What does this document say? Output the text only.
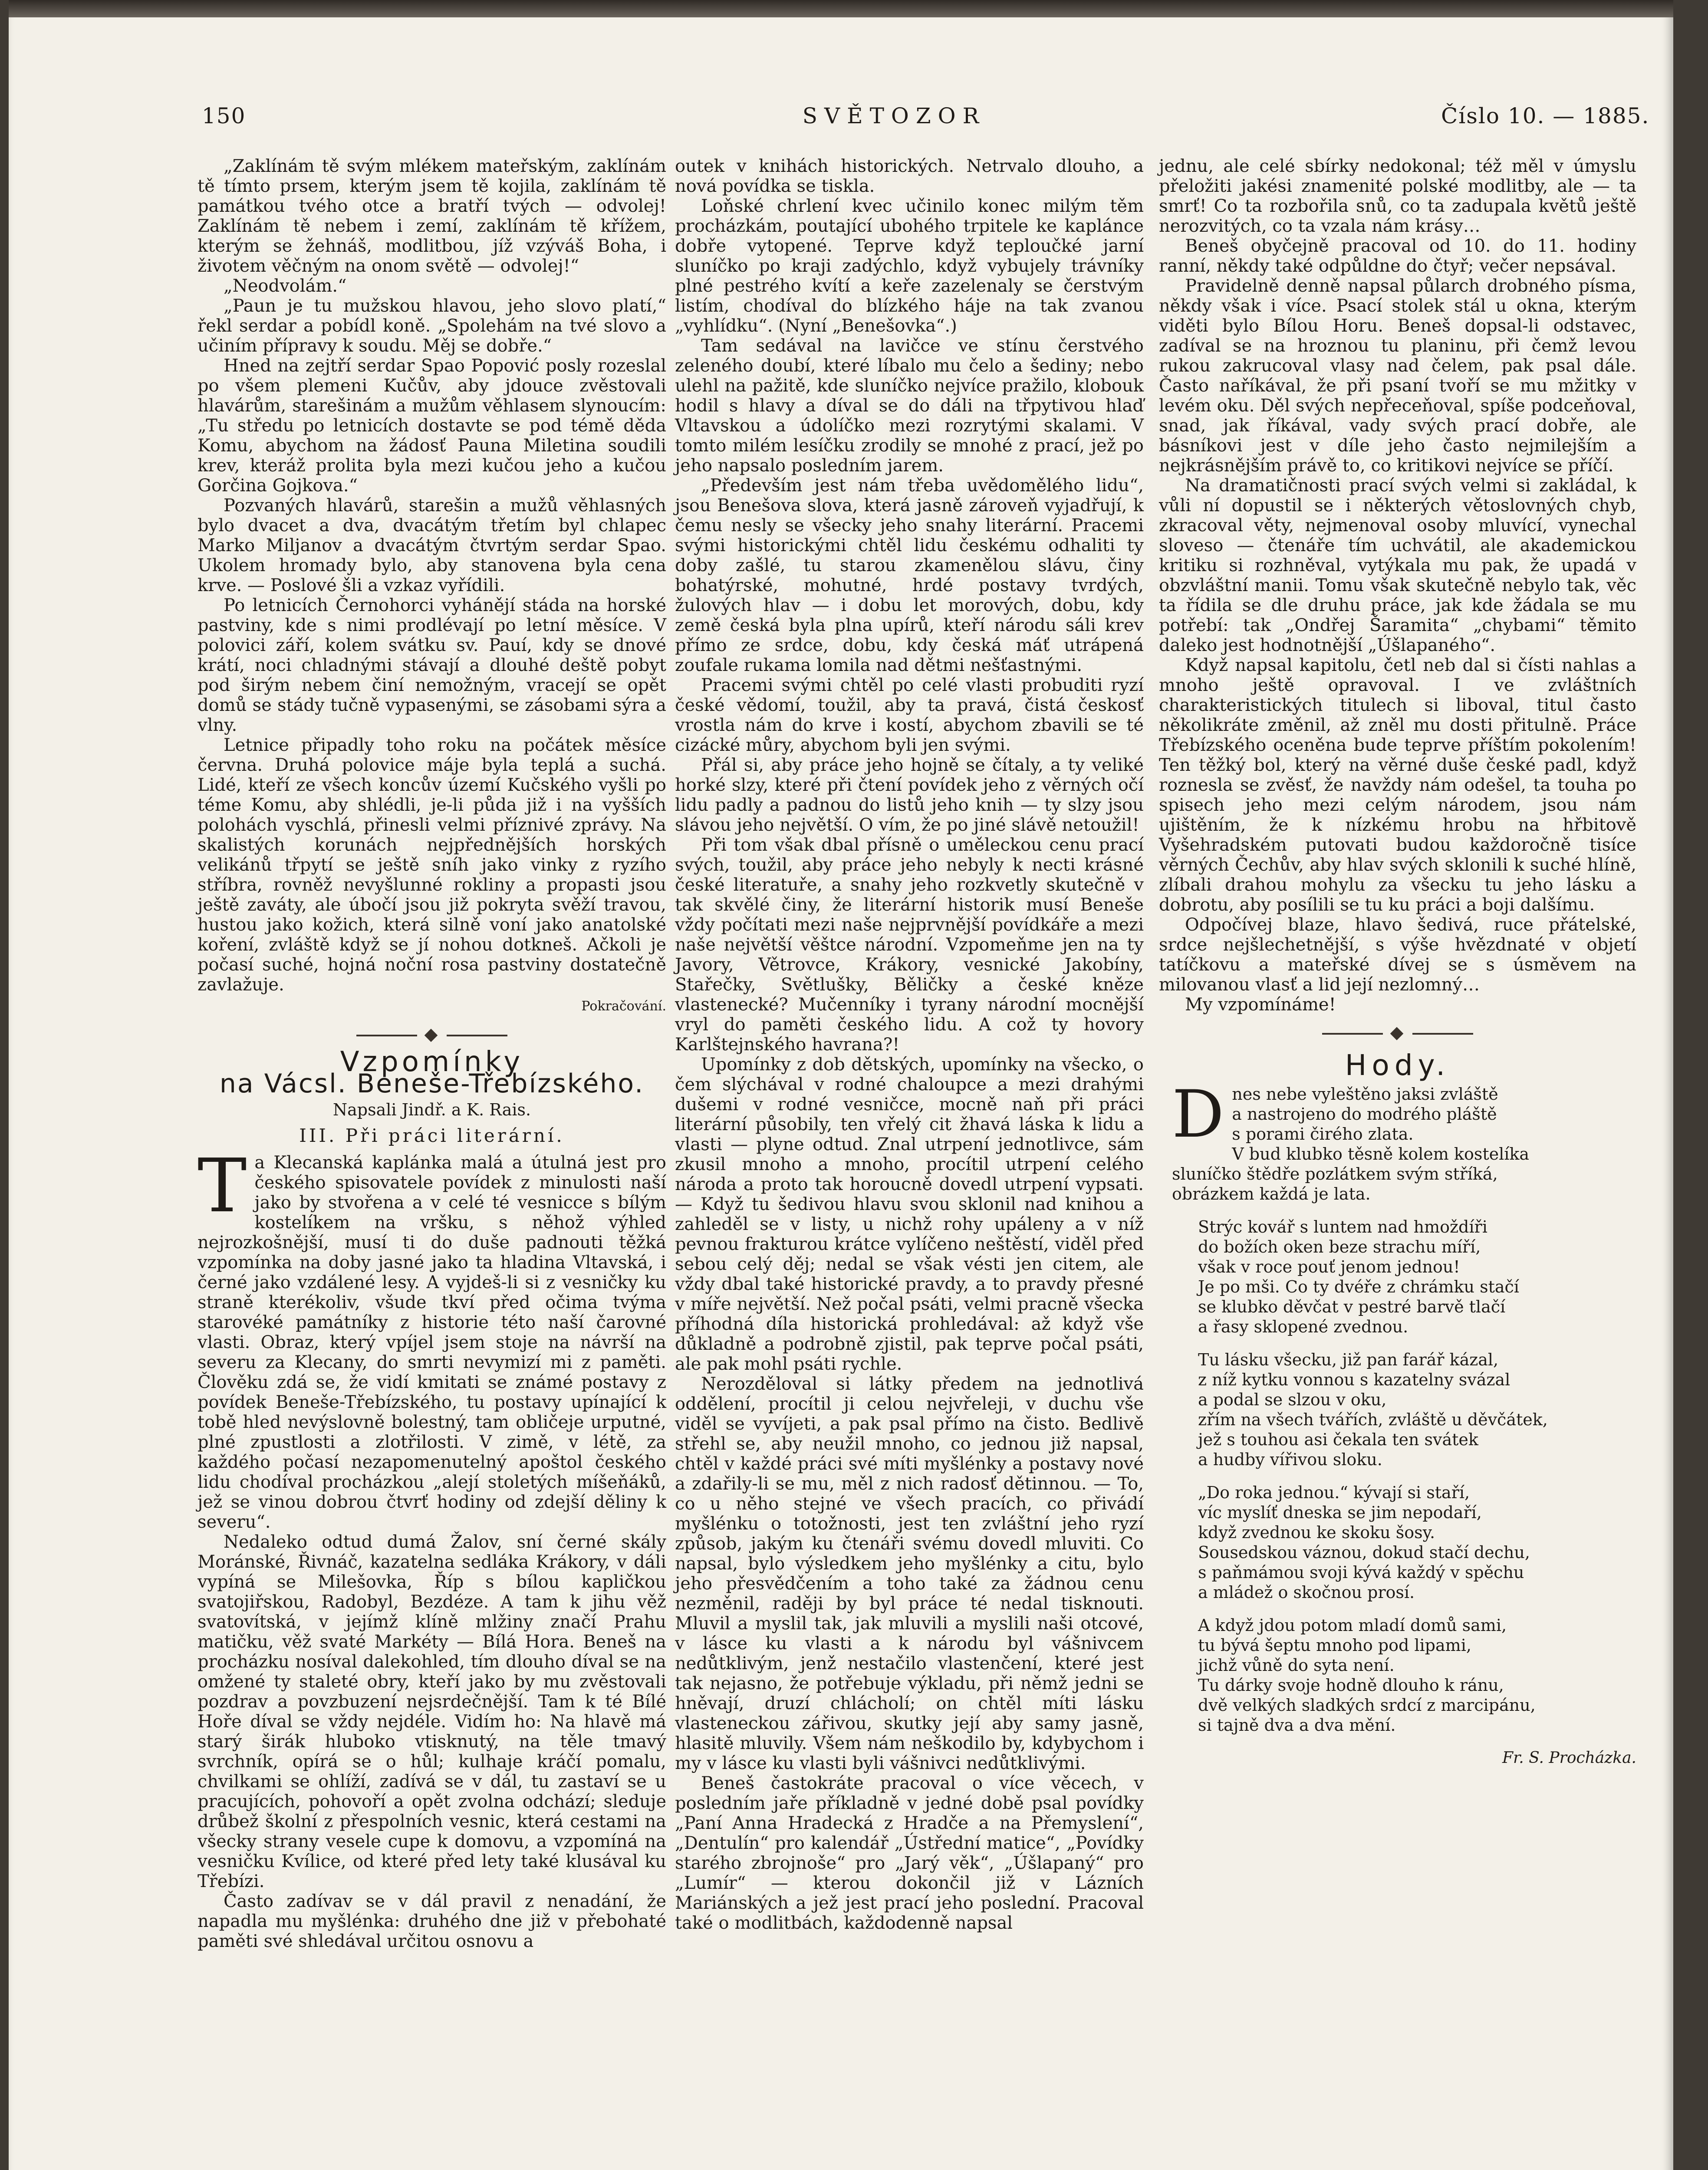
150	SVĚTOZOR	Číslo 10. — 1885.

„Zaklínám tě svým mlékem mateřským, zaklínám tě tímto prsem, kterým jsem tě kojila, zaklínám tě památkou tvého otce a bratří tvých — odvolej! Zaklínám tě nebem i zemí, zaklínám tě křížem, kterým se žehnáš, modlitbou, jíž vzýváš Boha, i životem věčným na onom světě — odvolej!“

„Neodvolám.“

„Paun je tu mužskou hlavou, jeho slovo platí,“ řekl serdar a pobídl koně. „Spolehám na tvé slovo a učiním přípravy k soudu. Měj se dobře.“

Hned na zejtří serdar Spao Popović posly rozeslal po všem plemeni Kučův, aby jdouce zvěstovali hlavárům, starešinám a mužům věhlasem slynoucím: „Tu středu po letnicích dostavte se pod témě děda Komu, abychom na žádosť Pauna Miletina soudili krev, kteráž prolita byla mezi kučou jeho a kučou Gorčina Gojkova.“

Pozvaných hlavárů, starešin a mužů věhlasných bylo dvacet a dva, dvacátým třetím byl chlapec Marko Miljanov a dvacátým čtvrtým serdar Spao. Ukolem hromady bylo, aby stanovena byla cena krve. — Poslové šli a vzkaz vyřídili.

Po letnicích Černohorci vyhánějí stáda na horské pastviny, kde s nimi prodlévají po letní měsíce. V polovici září, kolem svátku sv. Pauí, kdy se dnové krátí, noci chladnými stávají a dlouhé deště pobyt pod širým nebem činí nemožným, vracejí se opět domů se stády tučně vypasenými, se zásobami sýra a vlny.

Letnice připadly toho roku na počátek měsíce června. Druhá polovice máje byla teplá a suchá. Lidé, kteří ze všech koncův území Kučského vyšli po téme Komu, aby shlédli, je-li půda již i na vyšších polohách vyschlá, přinesli velmi příznivé zprávy. Na skalistých korunách nejpřednějších horských velikánů třpytí se ještě sníh jako vinky z ryzího stříbra, rovněž nevyšlunné rokliny a propasti jsou ještě zaváty, ale úbočí jsou již pokryta svěží travou, hustou jako kožich, která silně voní jako anatolské koření, zvláště když se jí nohou dotkneš. Ačkoli je počasí suché, hojná noční rosa pastviny dostatečně zavlažuje.

Pokračování.
◆
Vzpomínky
na Vácsl. Beneše-Třebízského.
Napsali Jindř. a K. Rais.
III. Při práci literární.

Ta Klecanská kaplánka malá a útulná jest pro českého spisovatele povídek z minulosti naší jako by stvořena a v celé té vesnicce s bílým kostelíkem na vršku, s něhož výhled nejrozkošnější, musí ti do duše padnouti těžká vzpomínka na doby jasné jako ta hladina Vltavská, i černé jako vzdálené lesy. A vyjdeš-li si z vesničky ku straně kterékoliv, všude tkví před očima tvýma starovéké památníky z historie této naší čarovné vlasti. Obraz, který vpíjel jsem stoje na návrší na severu za Klecany, do smrti nevymizí mi z paměti. Člověku zdá se, že vidí kmitati se známé postavy z povídek Beneše-Třebízského, tu postavy upínající k tobě hled nevýslovně bolestný, tam obličeje urputné, plné zpustlosti a zlotřilosti. V zimě, v létě, za každého počasí nezapomenutelný apoštol českého lidu chodíval procházkou „alejí stoletých míšeňáků, jež se vinou dobrou čtvrť hodiny od zdejší děliny k severu“.

Nedaleko odtud dumá Žalov, sní černé skály Moránské, Řivnáč, kazatelna sedláka Krákory, v dáli vypíná se Milešovka, Říp s bílou kapličkou svatojiřskou, Radobyl, Bezdéze. A tam k jihu věž svatovítská, v jejímž klíně mlžiny značí Prahu matičku, věž svaté Markéty — Bílá Hora. Beneš na procházku nosíval dalekohled, tím dlouho díval se na omžené ty staleté obry, kteří jako by mu zvěstovali pozdrav a povzbuzení nejsrdečnější. Tam k té Bílé Hoře díval se vždy nejdéle. Vidím ho: Na hlavě má starý širák hluboko vtisknutý, na těle tmavý svrchník, opírá se o hůl; kulhaje kráčí pomalu, chvilkami se ohlíží, zadívá se v dál, tu zastaví se u pracujících, pohovoří a opět zvolna odchází; sleduje drůbež školní z přespolních vesnic, která cestami na všecky strany vesele cupe k domovu, a vzpomíná na vesničku Kvílice, od které před lety také klusával ku Třebízi.

Často zadívav se v dál pravil z nenadání, že napadla mu myšlénka: druhého dne již v přebohaté paměti své shledával určitou osnovu a

outek v knihách historických. Netrvalo dlouho, a nová povídka se tiskla.

Loňské chrlení kvec učinilo konec milým těm procházkám, poutající ubohého trpitele ke kaplánce dobře vytopené. Teprve když teploučké jarní sluníčko po kraji zadýchlo, když vybujely trávníky plné pestrého kvítí a keře zazelenaly se čerstvým listím, chodíval do blízkého háje na tak zvanou „vyhlídku“. (Nyní „Benešovka“.)

Tam sedával na lavičce ve stínu čerstvého zeleného doubí, které líbalo mu čelo a šediny; nebo ulehl na pažitě, kde sluníčko nejvíce pražilo, klobouk hodil s hlavy a díval se do dáli na třpytivou hlaď Vltavskou a údolíčko mezi rozrytými skalami. V tomto milém lesíčku zrodily se mnohé z prací, jež po jeho napsalo posledním jarem.

„Především jest nám třeba uvědomělého lidu“, jsou Benešova slova, která jasně zároveň vyjadřují, k čemu nesly se všecky jeho snahy literární. Pracemi svými historickými chtěl lidu českému odhaliti ty doby zašlé, tu starou zkamenělou slávu, činy bohatýrské, mohutné, hrdé postavy tvrdých, žulových hlav — i dobu let morových, dobu, kdy země česká byla plna upírů, kteří národu sáli krev přímo ze srdce, dobu, kdy česká máť utrápená zoufale rukama lomila nad dětmi nešťastnými.

Pracemi svými chtěl po celé vlasti probuditi ryzí české vědomí, toužil, aby ta pravá, čistá českosť vrostla nám do krve i kostí, abychom zbavili se té cizácké můry, abychom byli jen svými.

Přál si, aby práce jeho hojně se čítaly, a ty veliké horké slzy, které při čtení povídek jeho z věrných očí lidu padly a padnou do listů jeho knih — ty slzy jsou slávou jeho největší. O vím, že po jiné slávě netoužil!

Při tom však dbal přísně o uměleckou cenu prací svých, toužil, aby práce jeho nebyly k necti krásné české literatuře, a snahy jeho rozkvetly skutečně v tak skvělé činy, že literární historik musí Beneše vždy počítati mezi naše nejprvnější povídkáře a mezi naše největší věštce národní. Vzpomeňme jen na ty Javory, Větrovce, Krákory, vesnické Jakobíny, Stařečky, Světlušky, Běličky a české kněze vlastenecké? Mučenníky i tyrany národní mocnější vryl do paměti českého lidu. A což ty hovory Karlštejnského havrana?!

Upomínky z dob dětských, upomínky na všecko, o čem slýchával v rodné chaloupce a mezi drahými dušemi v rodné vesničce, mocně naň při práci literární působily, ten vřelý cit žhavá láska k lidu a vlasti — plyne odtud. Znal utrpení jednotlivce, sám zkusil mnoho a mnoho, procítil utrpení celého národa a proto tak horoucně dovedl utrpení vypsati. — Když tu šedivou hlavu svou sklonil nad knihou a zahleděl se v listy, u nichž rohy upáleny a v níž pevnou frakturou krátce vylíčeno neštěstí, viděl před sebou celý děj; nedal se však vésti jen citem, ale vždy dbal také historické pravdy, a to pravdy přesné v míře největší. Než počal psáti, velmi pracně všecka příhodná díla historická prohledával: až když vše důkladně a podrobně zjistil, pak teprve počal psáti, ale pak mohl psáti rychle.

Nerozděloval si látky předem na jednotlivá oddělení, procítil ji celou nejvřeleji, v duchu vše viděl se vyvíjeti, a pak psal přímo na čisto. Bedlivě střehl se, aby neužil mnoho, co jednou již napsal, chtěl v každé práci své míti myšlénky a postavy nové a zdařily-li se mu, měl z nich radosť dětinnou. — To, co u něho stejné ve všech pracích, co přivádí myšlénku o totožnosti, jest ten zvláštní jeho ryzí způsob, jakým ku čtenáři svému dovedl mluviti. Co napsal, bylo výsledkem jeho myšlénky a citu, bylo jeho přesvědčením a toho také za žádnou cenu nezměnil, raději by byl práce té nedal tisknouti. Mluvil a myslil tak, jak mluvili a myslili naši otcové, v lásce ku vlasti a k národu byl vášnivcem nedůtklivým, jenž nestačilo vlastenčení, které jest tak nejasno, že potřebuje výkladu, při němž jedni se hněvají, druzí chlácholí; on chtěl míti lásku vlasteneckou zářivou, skutky její aby samy jasně, hlasitě mluvily. Všem nám neškodilo by, kdybychom i my v lásce ku vlasti byli vášnivci nedůtklivými.

Beneš častokráte pracoval o více věcech, v posledním jaře příkladně v jedné době psal povídky „Paní Anna Hradecká z Hradče a na Přemyslení“, „Dentulín“ pro kalendář „Ústřední matice“, „Povídky starého zbrojnoše“ pro „Jarý věk“, „Úšlapaný“ pro „Lumír“ — kterou dokončil již v Lázních Mariánských a jež jest prací jeho poslední. Pracoval také o modlitbách, každodenně napsal

jednu, ale celé sbírky nedokonal; též měl v úmyslu přeložiti jakési znamenité polské modlitby, ale — ta smrť! Co ta rozbořila snů, co ta zadupala květů ještě nerozvitých, co ta vzala nám krásy…

Beneš obyčejně pracoval od 10. do 11. hodiny ranní, někdy také odpůldne do čtyř; večer nepsával.

Pravidelně denně napsal půlarch drobného písma, někdy však i více. Psací stolek stál u okna, kterým viděti bylo Bílou Horu. Beneš dopsal-li odstavec, zadíval se na hroznou tu planinu, při čemž levou rukou zakrucoval vlasy nad čelem, pak psal dále. Často naříkával, že při psaní tvoří se mu mžitky v levém oku. Děl svých nepřeceňoval, spíše podceňoval, snad, jak říkával, vady svých prací dobře, ale básníkovi jest v díle jeho často nejmilejším a nejkrásnějším právě to, co kritikovi nejvíce se příčí.

Na dramatičnosti prací svých velmi si zakládal, k vůli ní dopustil se i některých větoslovných chyb, zkracoval věty, nejmenoval osoby mluvící, vynechal sloveso — čtenáře tím uchvátil, ale akademickou kritiku si rozhněval, vytýkala mu pak, že upadá v obzvláštní manii. Tomu však skutečně nebylo tak, věc ta řídila se dle druhu práce, jak kde žádala se mu potřebí: tak „Ondřej Šaramita“ „chybami“ těmito daleko jest hodnotnější „Úšlapaného“.

Když napsal kapitolu, četl neb dal si čísti nahlas a mnoho ještě opravoval. I ve zvláštních charakteristických titulech si liboval, titul často několikráte změnil, až zněl mu dosti přitulně. Práce Třebízského oceněna bude teprve příštím pokolením! Ten těžký bol, který na věrné duše české padl, když roznesla se zvěsť, že navždy nám odešel, ta touha po spisech jeho mezi celým národem, jsou nám ujištěním, že k nízkému hrobu na hřbitově Vyšehradském putovati budou každoročně tisíce věrných Čechův, aby hlav svých sklonili k suché hlíně, zlíbali drahou mohylu za všecku tu jeho lásku a dobrotu, aby posílili se tu ku práci a boji dalšímu.

Odpočívej blaze, hlavo šedivá, ruce přátelské, srdce nejšlechetnější, s výše hvězdnaté v objetí tatíčkovu a mateřské dívej se s úsměvem na milovanou vlasť a lid její nezlomný…

My vzpomínáme!

◆
Hody.
D nes nebe vyleštěno jaksi zvláště
a nastrojeno do modrého pláště
s porami čirého zlata.
V bud klubko těsně kolem kostelíka
sluníčko štědře pozlátkem svým stříká,
obrázkem každá je lata.
Strýc kovář s luntem nad hmoždíři
do božích oken beze strachu míří,
však v roce pouť jenom jednou!
Je po mši. Co ty dvéře z chrámku stačí
se klubko děvčat v pestré barvě tlačí
a řasy sklopené zvednou.
Tu lásku všecku, již pan farář kázal,
z níž kytku vonnou s kazatelny svázal
a podal se slzou v oku,
zřím na všech tvářích, zvláště u děvčátek,
jež s touhou asi čekala ten svátek
a hudby vířivou sloku.
„Do roka jednou.“ kývají si staří,
víc myslíť dneska se jim nepodaří,
když zvednou ke skoku šosy.
Sousedskou váznou, dokud stačí dechu,
s paňmámou svoji kývá každý v spěchu
a mládež o skočnou prosí.
A když jdou potom mladí domů sami,
tu bývá šeptu mnoho pod lipami,
jichž vůně do syta není.
Tu dárky svoje hodně dlouho k ránu,
dvě velkých sladkých srdcí z marcipánu,
si tajně dva a dva mění.
Fr. S. Procházka.
